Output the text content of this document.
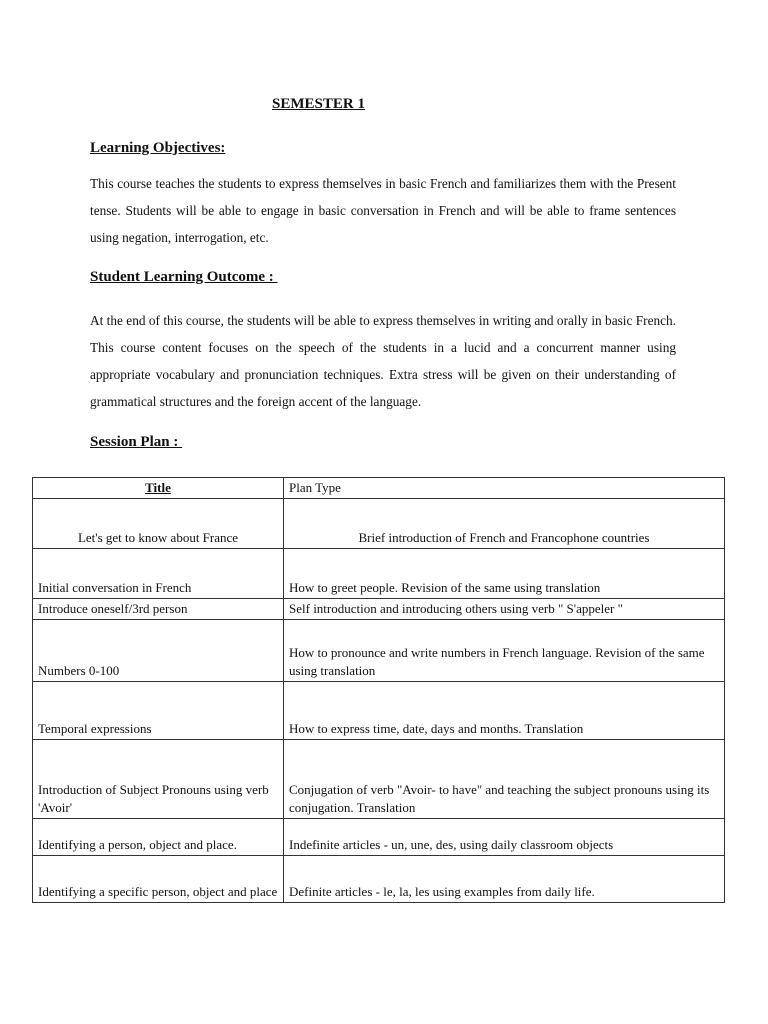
SEMESTER 1
Learning Objectives:
This course teaches the students to express themselves in basic French and familiarizes them with the Present tense. Students will be able to engage in basic conversation in French and will be able to frame sentences using negation, interrogation, etc.
Student Learning Outcome :
At the end of this course, the students will be able to express themselves in writing and orally in basic French. This course content focuses on the speech of the students in a lucid and a concurrent manner using appropriate vocabulary and pronunciation techniques. Extra stress will be given on their understanding of grammatical structures and the foreign accent of the language.
Session Plan :
Title	Plan Type
Let's get to know about France	Brief introduction of French and Francophone countries
Initial conversation in French	How to greet people. Revision of the same using translation
Introduce oneself/3rd person	Self introduction and introducing others using verb " S'appeler "
Numbers 0-100	How to pronounce and write numbers in French language. Revision of the same using translation
Temporal expressions	How to express time, date, days and months. Translation
Introduction of Subject Pronouns using verb 'Avoir'	Conjugation of verb "Avoir- to have" and teaching the subject pronouns using its conjugation. Translation
Identifying a person, object and place.	Indefinite articles - un, une, des, using daily classroom objects
Identifying a specific person, object and place	Definite articles - le, la, les using examples from daily life.
